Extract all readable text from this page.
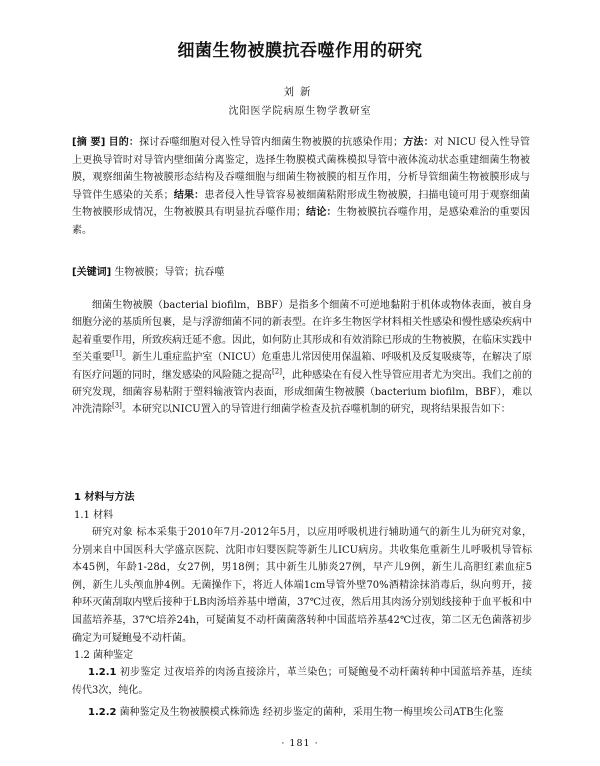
细菌生物被膜抗吞噬作用的研究
刘新
沈阳医学院病原生物学教研室
[摘 要] 目的：探讨吞噬细胞对侵入性导管内细菌生物被膜的抗感染作用；方法：对 NICU 侵入性导管上更换导管时对导管内壁细菌分离鉴定，选择生物膜模式菌株模拟导管中液体流动状态重建细菌生物被膜，观察细菌生物被膜形态结构及吞噬细胞与细菌生物被膜的相互作用，分析导管细菌生物被膜形成与导管伴生感染的关系；结果：患者侵入性导管容易被细菌粘附形成生物被膜，扫描电镜可用于观察细菌生物被膜形成情况，生物被膜具有明显抗吞噬作用；结论：生物被膜抗吞噬作用，是感染难治的重要因素。
[关键词] 生物被膜；导管；抗吞噬
细菌生物被膜（bacterial biofilm，BBF）是指多个细菌不可逆地黏附于机体或物体表面，被自身细胞分泌的基质所包裹，是与浮游细菌不同的新表型。在许多生物医学材料相关性感染和慢性感染疾病中起着重要作用，所致疾病迁延不愈。因此，如何防止其形成和有效消除已形成的生物被膜，在临床实践中至关重要[1]。新生儿重症监护室（NICU）危重患儿常因使用保温箱、呼吸机及反复吸痰等，在解决了原有医疗问题的同时，继发感染的风险随之提高[2]，此种感染在有侵入性导管应用者尤为突出。我们之前的研究发现，细菌容易粘附于塑料输液管内表面，形成细菌生物被膜（bacterium biofilm，BBF），难以冲洗清除[3]。本研究以NICU置入的导管进行细菌学检查及抗吞噬机制的研究，现将结果报告如下：
1 材料与方法
1.1 材料
研究对象 标本采集于2010年7月-2012年5月，以应用呼吸机进行辅助通气的新生儿为研究对象，分别来自中国医科大学盛京医院、沈阳市妇婴医院等新生儿ICU病房。共收集危重新生儿呼吸机导管标本45例，年龄1-28d，女27例，男18例；其中新生儿肺炎27例，早产儿9例，新生儿高胆红素血症5例，新生儿头颅血肿4例。无菌操作下，将近人体端1cm导管外壁70%酒精涂抹消毒后，纵向剪开，接种环灭菌刮取内壁后接种于LB肉汤培养基中增菌，37℃过夜，然后用其肉汤分别划线接种于血平板和中国蓝培养基，37℃培养24h，可疑菌复不动杆菌菌落转种中国蓝培养基42℃过夜，第二区无色菌落初步确定为可疑鲍曼不动杆菌。
1.2 菌种鉴定
1.2.1 初步鉴定 过夜培养的肉汤直接涂片，革兰染色；可疑鲍曼不动杆菌转种中国蓝培养基，连续传代3次，纯化。
1.2.2 菌种鉴定及生物被膜模式株筛选 经初步鉴定的菌种，采用生物一梅里埃公司ATB生化鉴
· 181 ·
